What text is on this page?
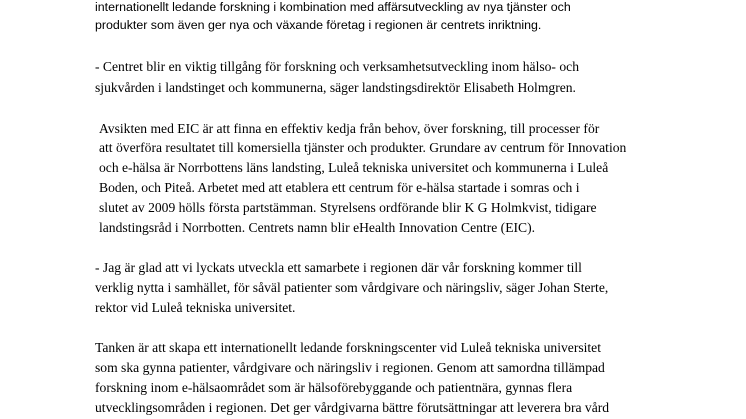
internationellt ledande forskning i kombination med affärsutveckling av nya tjänster och
produkter som även ger nya och växande företag i regionen är centrets inriktning.
- Centret blir en viktig tillgång för forskning och verksamhetsutveckling inom hälso- och
sjukvården i landstinget och kommunerna, säger landstingsdirektör Elisabeth Holmgren.
Avsikten med EIC är att finna en effektiv kedja från behov, över forskning, till processer för
att överföra resultatet till komersiella tjänster och produkter. Grundare av centrum för Innovation
och e-hälsa är Norrbottens läns landsting, Luleå tekniska universitet och kommunerna i Luleå
Boden, och Piteå. Arbetet med att etablera ett centrum för e-hälsa startade i somras och i
slutet av 2009 hölls första partstämman. Styrelsens ordförande blir K G Holmkvist, tidigare
landstingsråd i Norrbotten. Centrets namn blir eHealth Innovation Centre (EIC).
- Jag är glad att vi lyckats utveckla ett samarbete i regionen där vår forskning kommer till
verklig nytta i samhället, för såväl patienter som vårdgivare och näringsliv, säger Johan Sterte,
rektor vid Luleå tekniska universitet.
Tanken är att skapa ett internationellt ledande forskningscenter vid Luleå tekniska universitet
som ska gynna patienter, vårdgivare och näringsliv i regionen. Genom att samordna tillämpad
forskning inom e-hälsaområdet som är hälsoförebyggande och patientnära, gynnas flera
utvecklingsområden i regionen. Det ger vårdgivarna bättre förutsättningar att leverera bra vård
